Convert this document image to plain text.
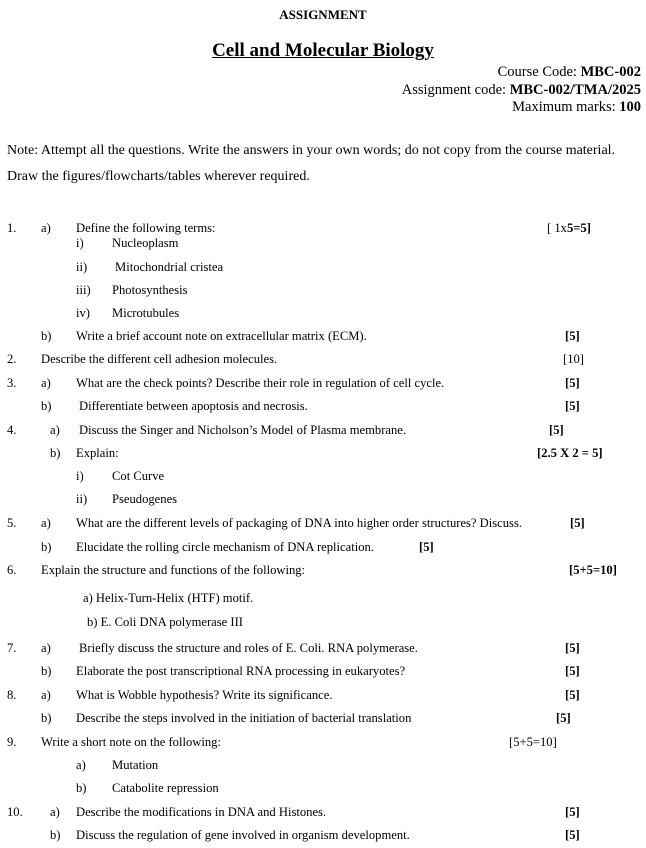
ASSIGNMENT
Cell and Molecular Biology
Course Code: MBC-002
Assignment code: MBC-002/TMA/2025
Maximum marks: 100
Note: Attempt all the questions. Write the answers in your own words; do not copy from the course material. Draw the figures/flowcharts/tables wherever required.
1. a) Define the following terms:	[ 1x5=5]
i) Nucleoplasm
ii) Mitochondrial cristea
iii) Photosynthesis
iv) Microtubules
b) Write a brief account note on extracellular matrix (ECM).	[5]
2. Describe the different cell adhesion molecules.	[10]
3. a) What are the check points? Describe their role in regulation of cell cycle.	[5]
b) Differentiate between apoptosis and necrosis.	[5]
4.	a) Discuss the Singer and Nicholson’s Model of Plasma membrane.	[5]
b) Explain:	[2.5 X 2 = 5]
i) Cot Curve
ii) Pseudogenes
5. a) What are the different levels of packaging of DNA into higher order structures? Discuss.	[5]
b) Elucidate the rolling circle mechanism of DNA replication.	[5]
6. Explain the structure and functions of the following:	[5+5=10]
a) Helix-Turn-Helix (HTF) motif.
b) E. Coli DNA polymerase III
7. a) Briefly discuss the structure and roles of E. Coli. RNA polymerase.	[5]
b) Elaborate the post transcriptional RNA processing in eukaryotes?	[5]
8. a) What is Wobble hypothesis? Write its significance.	[5]
b) Describe the steps involved in the initiation of bacterial translation	[5]
9. Write a short note on the following:	[5+5=10]
a) Mutation
b) Catabolite repression
10. a) Describe the modifications in DNA and Histones.	[5]
b) Discuss the regulation of gene involved in organism development.	[5]
